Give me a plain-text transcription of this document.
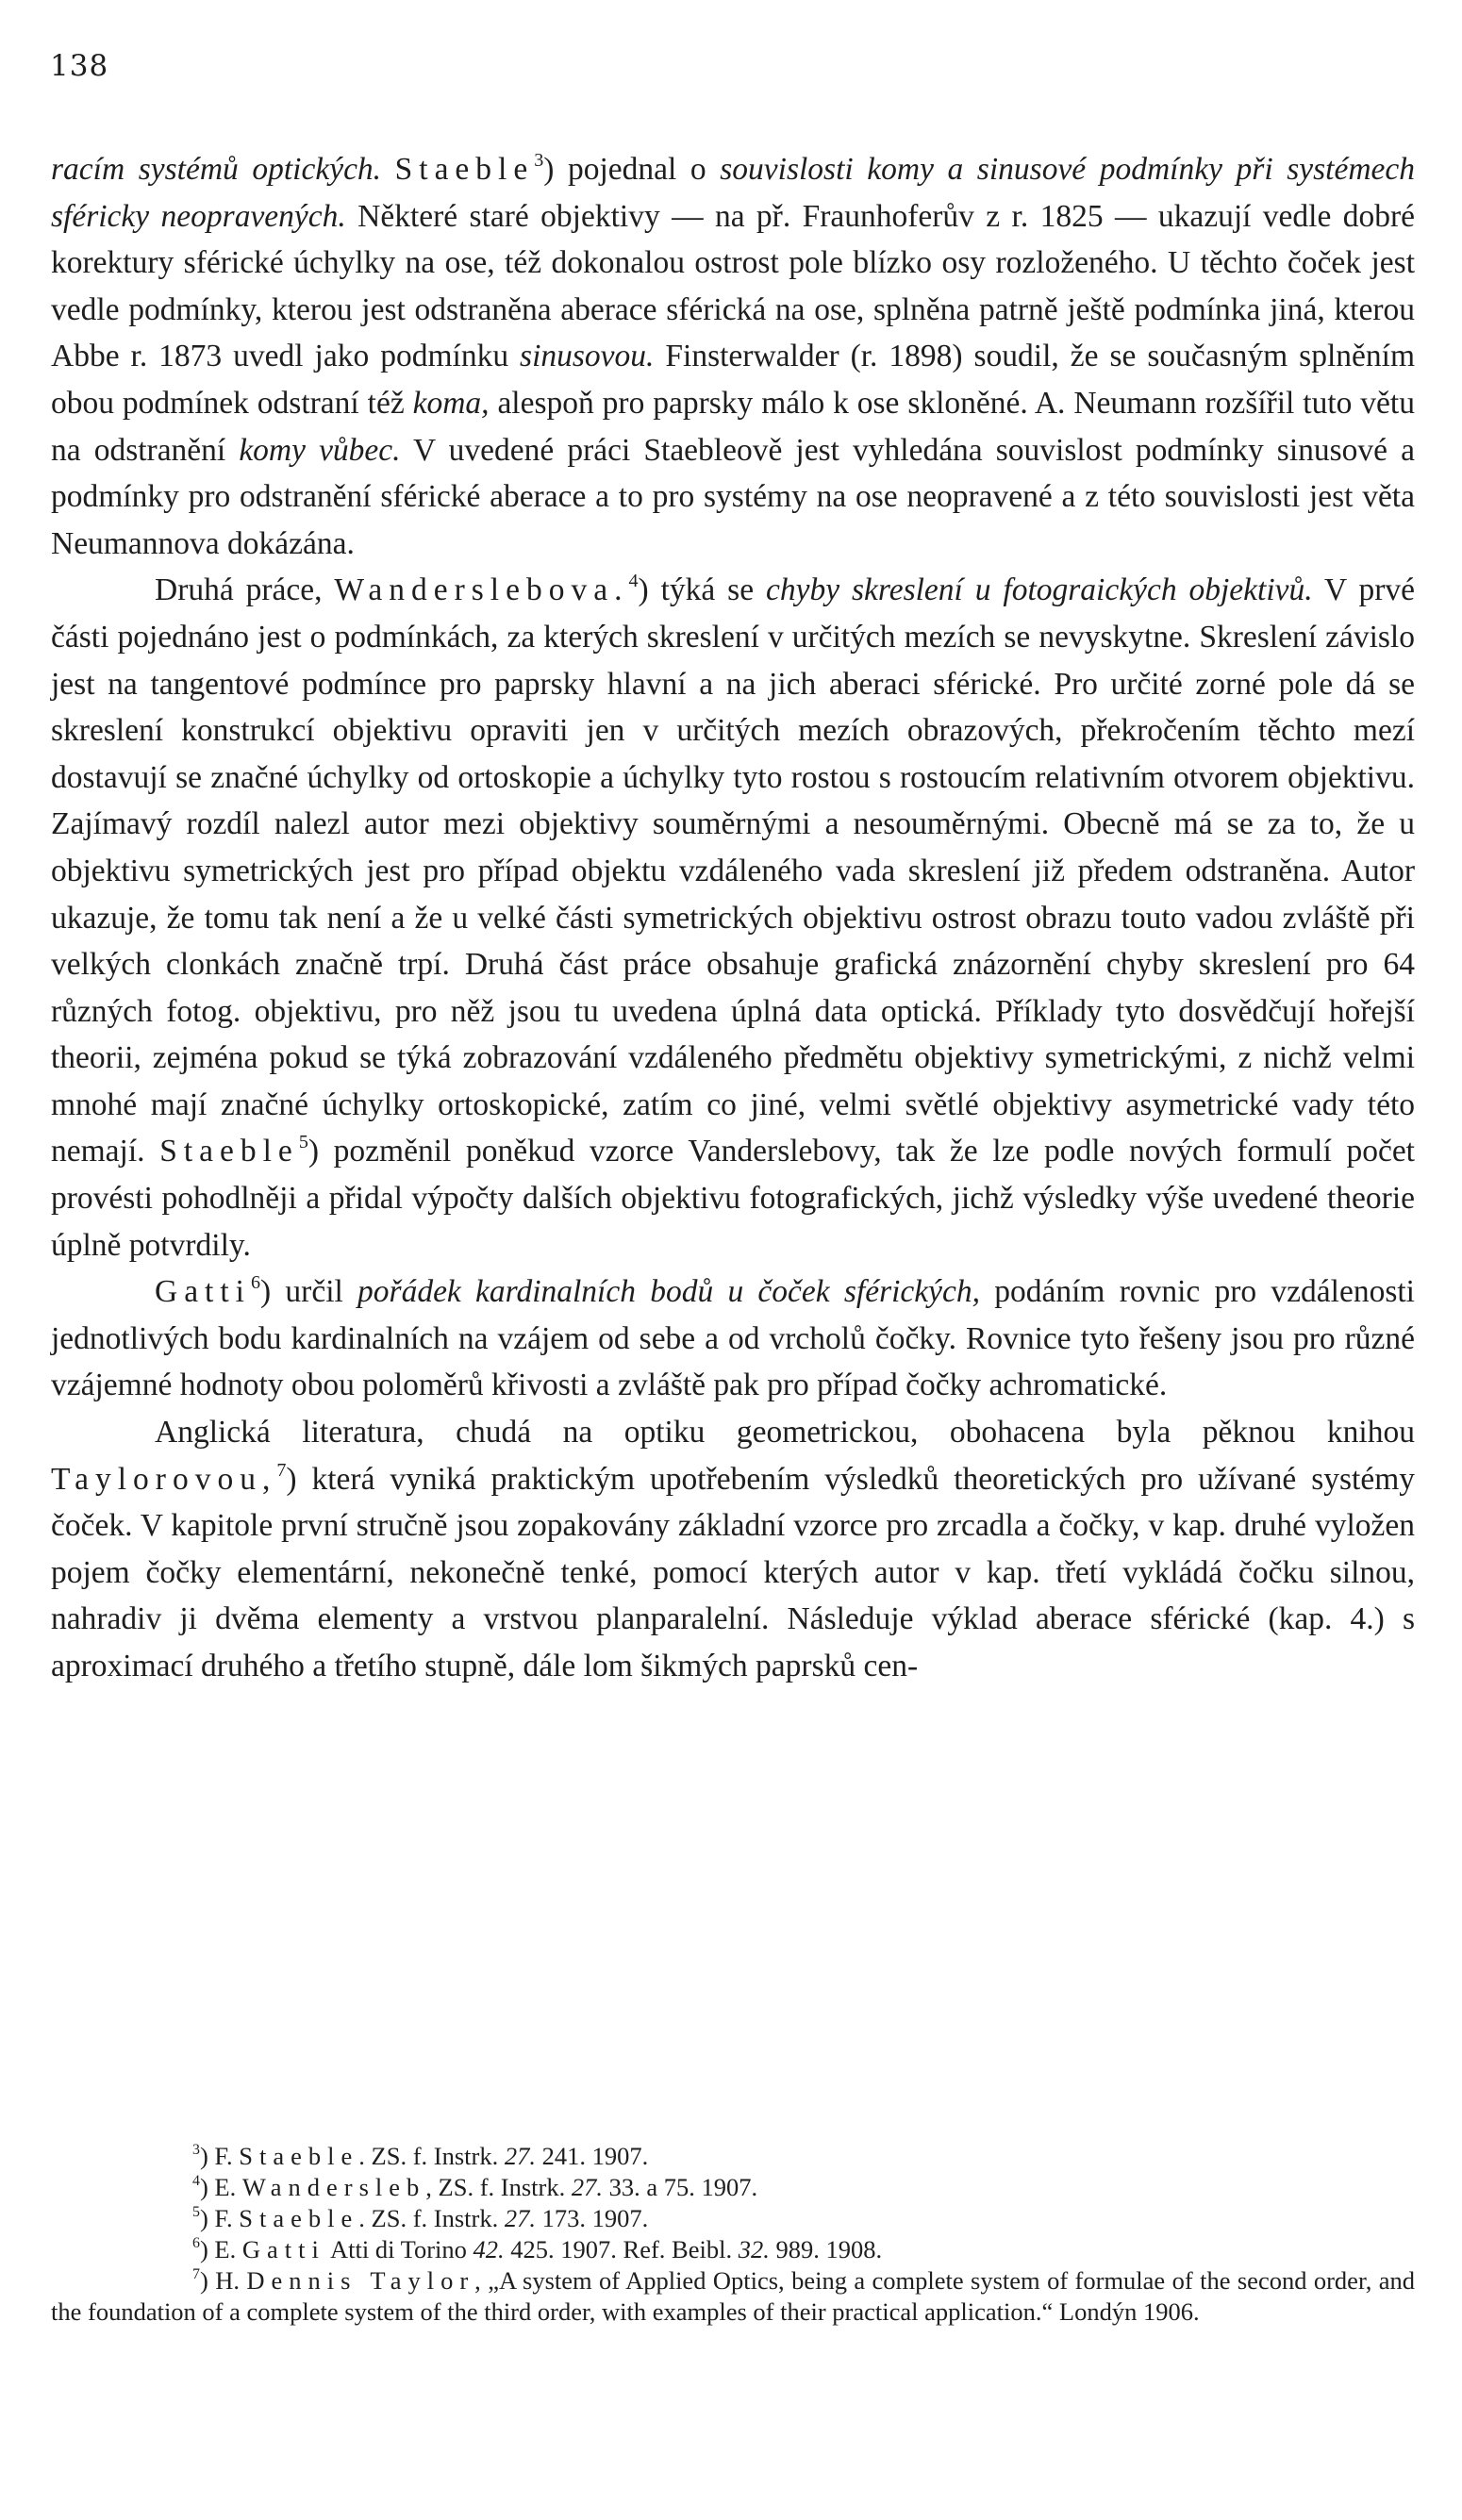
138

racím systémů optických. Staeble$^3$) pojednal o souvislosti komy a sinusové podmínky při systémech sféricky neopravených. Některé staré objektivy — na př. Fraunhoferův z r. 1825 — ukazují vedle dobré korektury sférické úchylky na ose, též dokonalou ostrost pole blízko osy rozloženého. U těchto čoček jest vedle podmínky, kterou jest odstraněna aberace sférická na ose, splněna patrně ještě podmínka jiná, kterou Abbe r. 1873 uvedl jako podmínku sinusovou. Finsterwalder (r. 1898) soudil, že se současným splněním obou podmínek odstraní též koma, alespoň pro paprsky málo k ose skloněné. A. Neumann rozšířil tuto větu na odstranění komy vůbec. V uvedené práci Staebleově jest vyhledána souvislost podmínky sinusové a podmínky pro odstranění sférické aberace a to pro systémy na ose neopravené a z této souvislosti jest věta Neumannova dokázána.

Druhá práce, Wanderslebova.$^4$) týká se chyby skreslení u fotograických objektivů. V prvé části pojednáno jest o podmínkách, za kterých skreslení v určitých mezích se nevyskytne. Skreslení závislo jest na tangentové podmínce pro paprsky hlavní a na jich aberaci sférické. Pro určité zorné pole dá se skreslení konstrukcí objektivu opraviti jen v určitých mezích obrazových, překročením těchto mezí dostavují se značné úchylky od ortoskopie a úchylky tyto rostou s rostoucím relativním otvorem objektivu. Zajímavý rozdíl nalezl autor mezi objektivy souměrnými a nesouměrnými. Obecně má se za to, že u objektivu symetrických jest pro případ objektu vzdáleného vada skreslení již předem odstraněna. Autor ukazuje, že tomu tak není a že u velké části symetrických objektivu ostrost obrazu touto vadou zvláště při velkých clonkách značně trpí. Druhá část práce obsahuje grafická znázornění chyby skreslení pro 64 různých fotog. objektivu, pro něž jsou tu uvedena úplná data optická. Příklady tyto dosvědčují hořejší theorii, zejména pokud se týká zobrazování vzdáleného předmětu objektivy symetrickými, z nichž velmi mnohé mají značné úchylky ortoskopické, zatím co jiné, velmi světlé objektivy asymetrické vady této nemají. Staeble$^5$) pozměnil poněkud vzorce Vanderslebovy, tak že lze podle nových formulí počet provésti pohodlněji a přidal výpočty dalších objektivu fotografických, jichž výsledky výše uvedené theorie úplně potvrdily.

Gatti$^6$) určil pořádek kardinalních bodů u čoček sférických, podáním rovnic pro vzdálenosti jednotlivých bodu kardinalních na vzájem od sebe a od vrcholů čočky. Rovnice tyto řešeny jsou pro různé vzájemné hodnoty obou poloměrů křivosti a zvláště pak pro případ čočky achromatické.

Anglická literatura, chudá na optiku geometrickou, obohacena byla pěknou knihou Taylorovou,$^7$) která vyniká praktickým upotřebením výsledků theoretických pro užívané systémy čoček. V kapitole první stručně jsou zopakovány základní vzorce pro zrcadla a čočky, v kap. druhé vyložen pojem čočky elementární, nekonečně tenké, pomocí kterých autor v kap. třetí vykládá čočku silnou, nahradiv ji dvěma elementy a vrstvou planparalelní. Následuje výklad aberace sférické (kap. 4.) s aproximací druhého a třetího stupně, dále lom šikmých paprsků cen-

$^3$) F. Staeble. ZS. f. Instrk. 27. 241. 1907.

$^4$) E. Wanderslеb, ZS. f. Instrk. 27. 33. a 75. 1907.

$^5$) F. Staeble. ZS. f. Instrk. 27. 173. 1907.

$^6$) E. Gatti Atti di Torino 42. 425. 1907. Ref. Beibl. 32. 989. 1908.

$^7$) H. Dennis Taylor, „A system of Applied Optics, being a complete system of formulae of the second order, and the foundation of a complete system of the third order, with examples of their practical application.“ Londýn 1906.
